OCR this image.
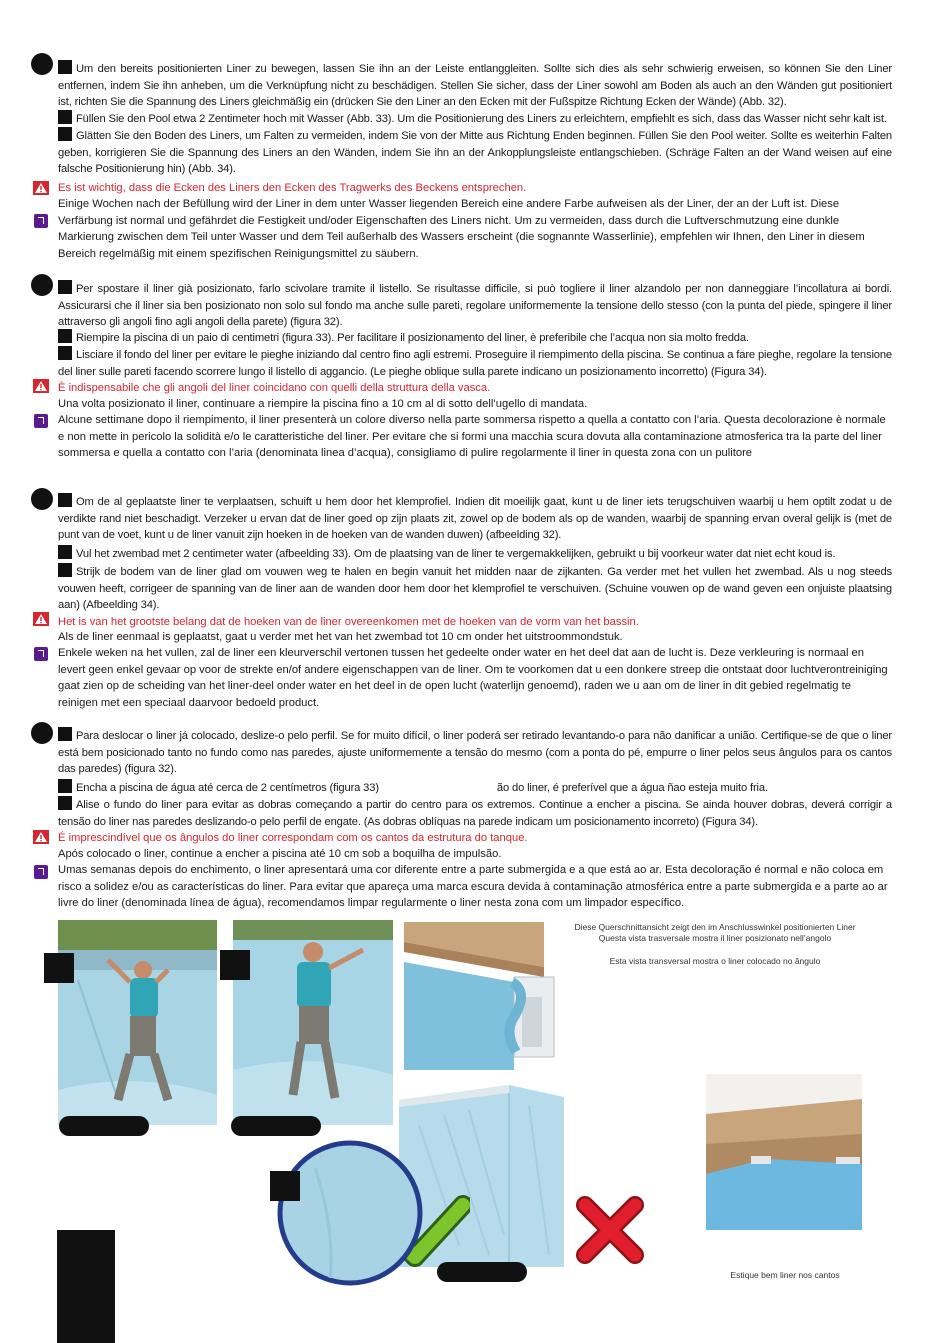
Um den bereits positionierten Liner zu bewegen, lassen Sie ihn an der Leiste entlanggleiten. Sollte sich dies als sehr schwierig erweisen, so können Sie den Liner entfernen, indem Sie ihn anheben, um die Verknüpfung nicht zu beschädigen. Stellen Sie sicher, dass der Liner sowohl am Boden als auch an den Wänden gut positioniert ist, richten Sie die Spannung des Liners gleichmäßig ein (drücken Sie den Liner an den Ecken mit der Fußspitze Richtung Ecken der Wände) (Abb. 32).
Füllen Sie den Pool etwa 2 Zentimeter hoch mit Wasser (Abb. 33). Um die Positionierung des Liners zu erleichtern, empfiehlt es sich, dass das Wasser nicht sehr kalt ist.
Glätten Sie den Boden des Liners, um Falten zu vermeiden, indem Sie von der Mitte aus Richtung Enden beginnen. Füllen Sie den Pool weiter. Sollte es weiterhin Falten geben, korrigieren Sie die Spannung des Liners an den Wänden, indem Sie ihn an der Ankopplungsleiste entlangschieben. (Schräge Falten an der Wand weisen auf eine falsche Positionierung hin) (Abb. 34).
Es ist wichtig, dass die Ecken des Liners den Ecken des Tragwerks des Beckens entsprechen.
Einige Wochen nach der Befüllung wird der Liner in dem unter Wasser liegenden Bereich eine andere Farbe aufweisen als der Liner, der an der Luft ist. Diese Verfärbung ist normal und gefährdet die Festigkeit und/oder Eigenschaften des Liners nicht. Um zu vermeiden, dass durch die Luftverschmutzung eine dunkle Markierung zwischen dem Teil unter Wasser und dem Teil außerhalb des Wassers erscheint (die sognannte Wasserlinie), empfehlen wir Ihnen, den Liner in diesem Bereich regelmäßig mit einem spezifischen Reinigungsmittel zu säubern.
Per spostare il liner già posizionato, farlo scivolare tramite il listello. Se risultasse difficile, si può togliere il liner alzandolo per non danneggiare l’incollatura ai bordi. Assicurarsi che il liner sia ben posizionato non solo sul fondo ma anche sulle pareti, regolare uniformemente la tensione dello stesso (con la punta del piede, spingere il liner attraverso gli angoli fino agli angoli della parete) (figura 32).
Riempire la piscina di un paio di centimetri (figura 33). Per facilitare il posizionamento del liner, è preferibile che l’acqua non sia molto fredda.
Lisciare il fondo del liner per evitare le pieghe iniziando dal centro fino agli estremi. Proseguire il riempimento della piscina. Se continua a fare pieghe, regolare la tensione del liner sulle pareti facendo scorrere lungo il listello di aggancio. (Le pieghe oblique sulla parete indicano un posizionamento incorretto) (Figura 34).
È indispensabile che gli angoli del liner coincidano con quelli della struttura della vasca.
Una volta posizionato il liner, continuare a riempire la piscina fino a 10 cm al di sotto dell’ugello di mandata.
Alcune settimane dopo il riempimento, il liner presenterà un colore diverso nella parte sommersa rispetto a quella a contatto con l’aria. Questa decolorazione è normale e non mette in pericolo la solidità e/o le caratteristiche del liner. Per evitare che si formi una macchia scura dovuta alla contaminazione atmosferica tra la parte del liner sommersa e quella a contatto con l’aria (denominata linea d’acqua), consigliamo di pulire regolarmente il liner in questa zona con un pulitore
Om de al geplaatste liner te verplaatsen, schuift u hem door het klemprofiel. Indien dit moeilijk gaat, kunt u de liner iets terugschuiven waarbij u hem optilt zodat u de verdikte rand niet beschadigt. Verzeker u ervan dat de liner goed op zijn plaats zit, zowel op de bodem als op de wanden, waarbij de spanning ervan overal gelijk is (met de punt van de voet, kunt u de liner vanuit zijn hoeken in de hoeken van de wanden duwen) (afbeelding 32).
Vul het zwembad met 2 centimeter water (afbeelding 33). Om de plaatsing van de liner te vergemakkelijken, gebruikt u bij voorkeur water dat niet echt koud is.
Strijk de bodem van de liner glad om vouwen weg te halen en begin vanuit het midden naar de zijkanten. Ga verder met het vullen het zwembad. Als u nog steeds vouwen heeft, corrigeer de spanning van de liner aan de wanden door hem door het klemprofiel te verschuiven. (Schuine vouwen op de wand geven een onjuiste plaatsing aan) (Afbeelding 34).
Het is van het grootste belang dat de hoeken van de liner overeenkomen met de hoeken van de vorm van het bassin.
Als de liner eenmaal is geplaatst, gaat u verder met het van het zwembad tot 10 cm onder het uitstroommondstuk.
Enkele weken na het vullen, zal de liner een kleurverschil vertonen tussen het gedeelte onder water en het deel dat aan de lucht is. Deze verkleuring is normaal en levert geen enkel gevaar op voor de strekte en/of andere eigenschappen van de liner. Om te voorkomen dat u een donkere streep die ontstaat door luchtverontreiniging gaat zien op de scheiding van het liner-deel onder water en het deel in de open lucht (waterlijn genoemd), raden we u aan om de liner in dit gebied regelmatig te reinigen met een speciaal daarvoor bedoeld product.
Para deslocar o liner já colocado, deslize-o pelo perfil. Se for muito difícil, o liner poderá ser retirado levantando-o para não danificar a união. Certifique-se de que o liner está bem posicionado tanto no fundo como nas paredes, ajuste uniformemente a tensão do mesmo (com a ponta do pé, empurre o liner pelos seus ângulos para os cantos das paredes) (figura 32).
Encha a piscina de água até cerca de 2 centímetros (figura 33)	ão do liner, é preferível que a água ñao esteja muito fria.
Alise o fundo do liner para evitar as dobras começando a partir do centro para os extremos. Continue a encher a piscina. Se ainda houver dobras, deverá corrigir a tensão do liner nas paredes deslizando-o pelo perfil de engate. (As dobras oblíquas na parede indicam um posicionamento incorreto) (Figura 34).
É imprescindível que os ângulos do liner correspondam com os cantos da estrutura do tanque.
Após colocado o liner, continue a encher a piscina até 10 cm sob a boquilha de impulsão.
Umas semanas depois do enchimento, o liner apresentará uma cor diferente entre a parte submergida e a que está ao ar. Esta decoloração é normal e não coloca em risco a solidez e/ou as características do liner. Para evitar que apareça uma marca escura devida à contaminação atmosférica entre a parte submergida e a parte ao ar livre do liner (denominada línea de água), recomendamos limpar regularmente o liner nesta zona com um limpador específico.
Diese Querschnittansicht zeigt den im Anschlusswinkel positionierten Liner
Questa vista trasversale mostra il liner posizionato nell’angolo
Esta vista transversal mostra o liner colocado no ângulo
Estique bem liner nos cantos
